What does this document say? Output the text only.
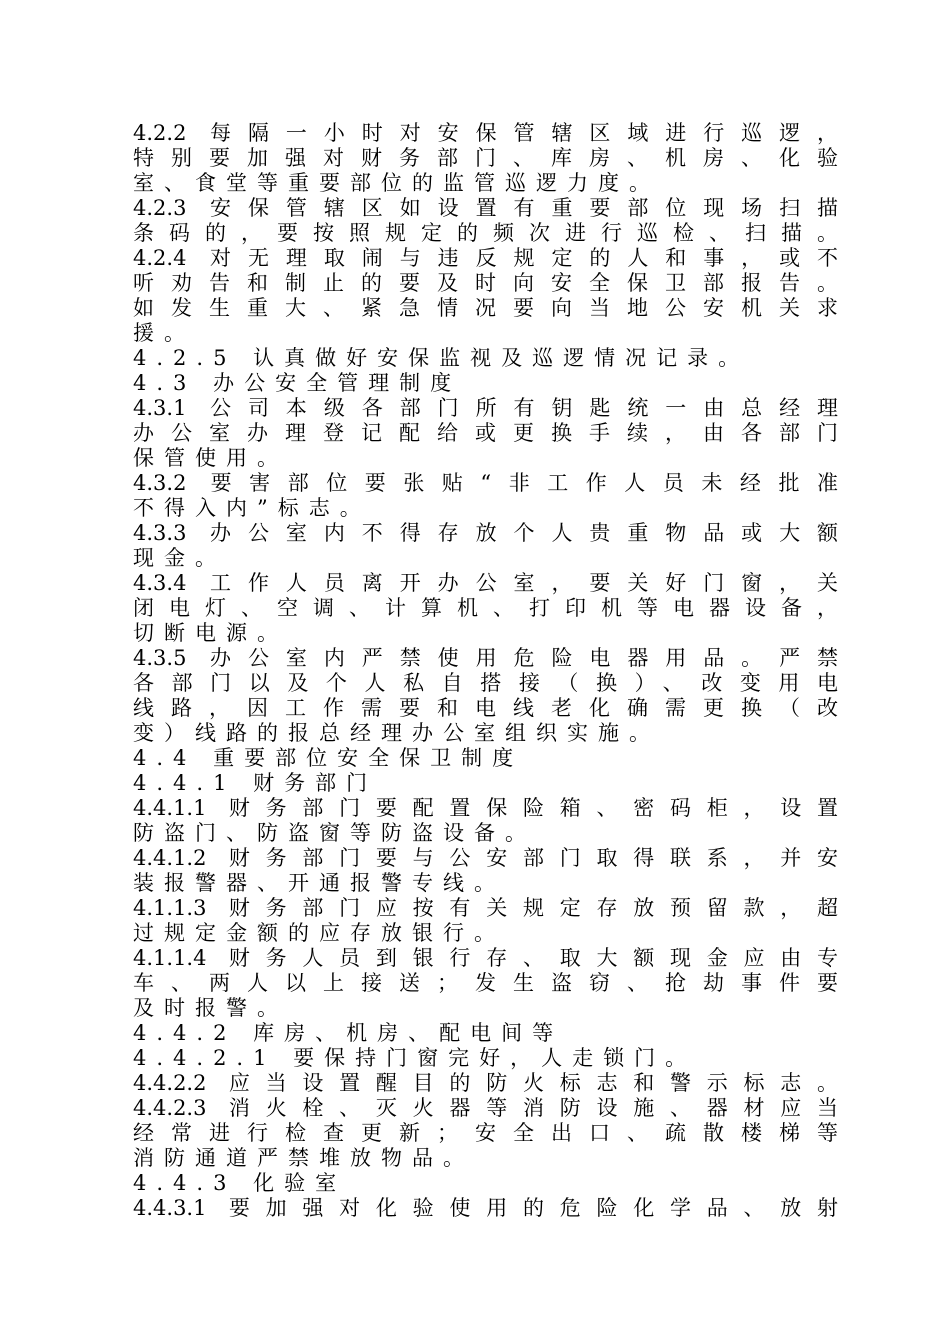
4.2.2 每隔一小时对安保管辖区域进行巡逻，
特别要加强对财务部门、库房、机房、化验
室、食堂等重要部位的监管巡逻力度。
4.2.3 安保管辖区如设置有重要部位现场扫描
条码的，要按照规定的频次进行巡检、扫描。
4.2.4 对无理取闹与违反规定的人和事，或不
听劝告和制止的要及时向安全保卫部报告。
如发生重大、紧急情况要向当地公安机关求
援。
4.2.5 认真做好安保监视及巡逻情况记录。
4.3 办公安全管理制度
4.3.1 公司本级各部门所有钥匙统一由总经理
办公室办理登记配给或更换手续，由各部门
保管使用。
4.3.2 要害部位要张贴“非工作人员未经批准
不得入内”标志。
4.3.3 办公室内不得存放个人贵重物品或大额
现金。
4.3.4 工作人员离开办公室，要关好门窗，关
闭电灯、空调、计算机、打印机等电器设备，
切断电源。
4.3.5 办公室内严禁使用危险电器用品。严禁
各部门以及个人私自搭接（换）、改变用电
线路，因工作需要和电线老化确需更换（改
变）线路的报总经理办公室组织实施。
4.4 重要部位安全保卫制度
4.4.1 财务部门
4.4.1.1 财务部门要配置保险箱、密码柜，设置
防盗门、防盗窗等防盗设备。
4.4.1.2 财务部门要与公安部门取得联系，并安
装报警器、开通报警专线。
4.1.1.3 财务部门应按有关规定存放预留款，超
过规定金额的应存放银行。
4.1.1.4 财务人员到银行存、取大额现金应由专
车、两人以上接送；发生盗窃、抢劫事件要
及时报警。
4.4.2 库房、机房、配电间等
4.4.2.1 要保持门窗完好，人走锁门。
4.4.2.2 应当设置醒目的防火标志和警示标志。
4.4.2.3 消火栓、灭火器等消防设施、器材应当
经常进行检查更新；安全出口、疏散楼梯等
消防通道严禁堆放物品。
4.4.3 化验室
4.4.3.1 要加强对化验使用的危险化学品、放射
